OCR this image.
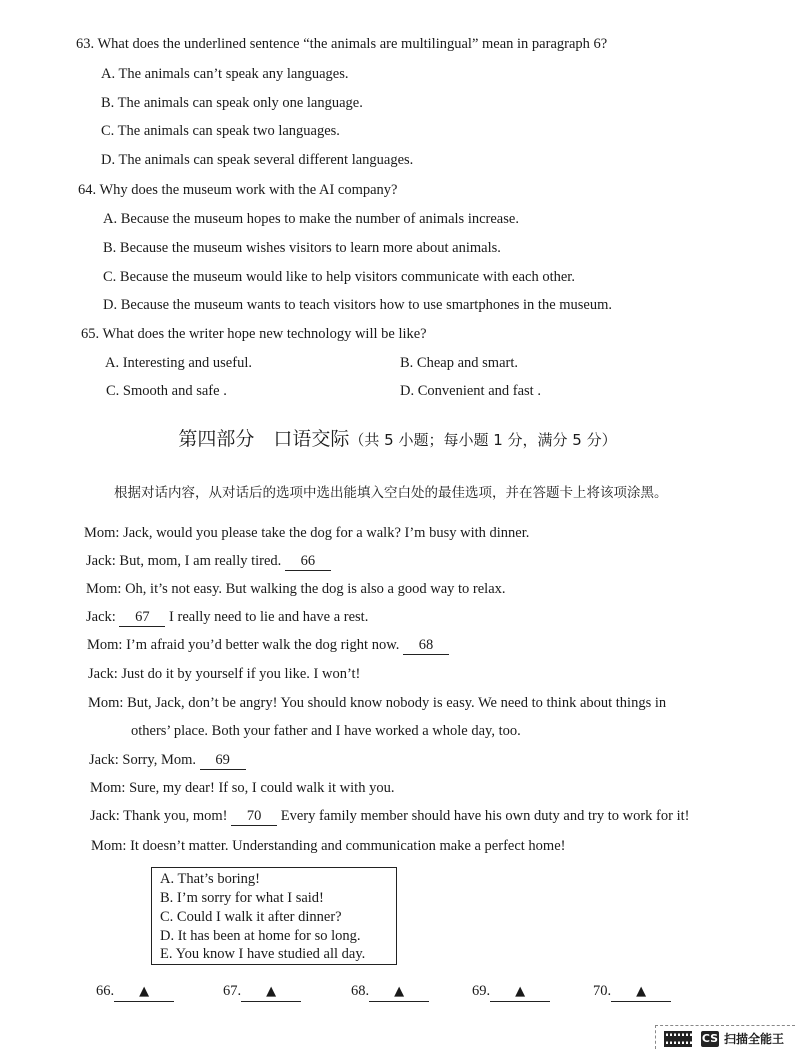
63. What does the underlined sentence “the animals are multilingual” mean in paragraph 6?
A. The animals can’t speak any languages.
B. The animals can speak only one language.
C. The animals can speak two languages.
D. The animals can speak several different languages.
64. Why does the museum work with the AI company?
A. Because the museum hopes to make the number of animals increase.
B. Because the museum wishes visitors to learn more about animals.
C. Because the museum would like to help visitors communicate with each other.
D. Because the museum wants to teach visitors how to use smartphones in the museum.
65. What does the writer hope new technology will be like?
A. Interesting and useful.	B. Cheap and smart.
C. Smooth and safe .	D. Convenient and fast .
第四部分　口语交际（共 5 小题；每小题 1 分，满分 5 分）
根据对话内容，从对话后的选项中选出能填入空白处的最佳选项，并在答题卡上将该项涂黑。
Mom: Jack, would you please take the dog for a walk? I’m busy with dinner.
Jack: But, mom, I am really tired. 66
Mom: Oh, it’s not easy. But walking the dog is also a good way to relax.
Jack: 67 I really need to lie and have a rest.
Mom: I’m afraid you’d better walk the dog right now. 68
Jack: Just do it by yourself if you like. I won’t!
Mom: But, Jack, don’t be angry! You should know nobody is easy. We need to think about things in
others’ place. Both your father and I have worked a whole day, too.
Jack: Sorry, Mom. 69
Mom: Sure, my dear! If so, I could walk it with you.
Jack: Thank you, mom! 70 Every family member should have his own duty and try to work for it!
Mom: It doesn’t matter. Understanding and communication make a perfect home!
A. That’s boring!
B. I’m sorry for what I said!
C. Could I walk it after dinner?
D. It has been at home for so long.
E. You know I have studied all day.
66. ▲	67. ▲	68. ▲	69. ▲	70. ▲
CS 扫描全能王
